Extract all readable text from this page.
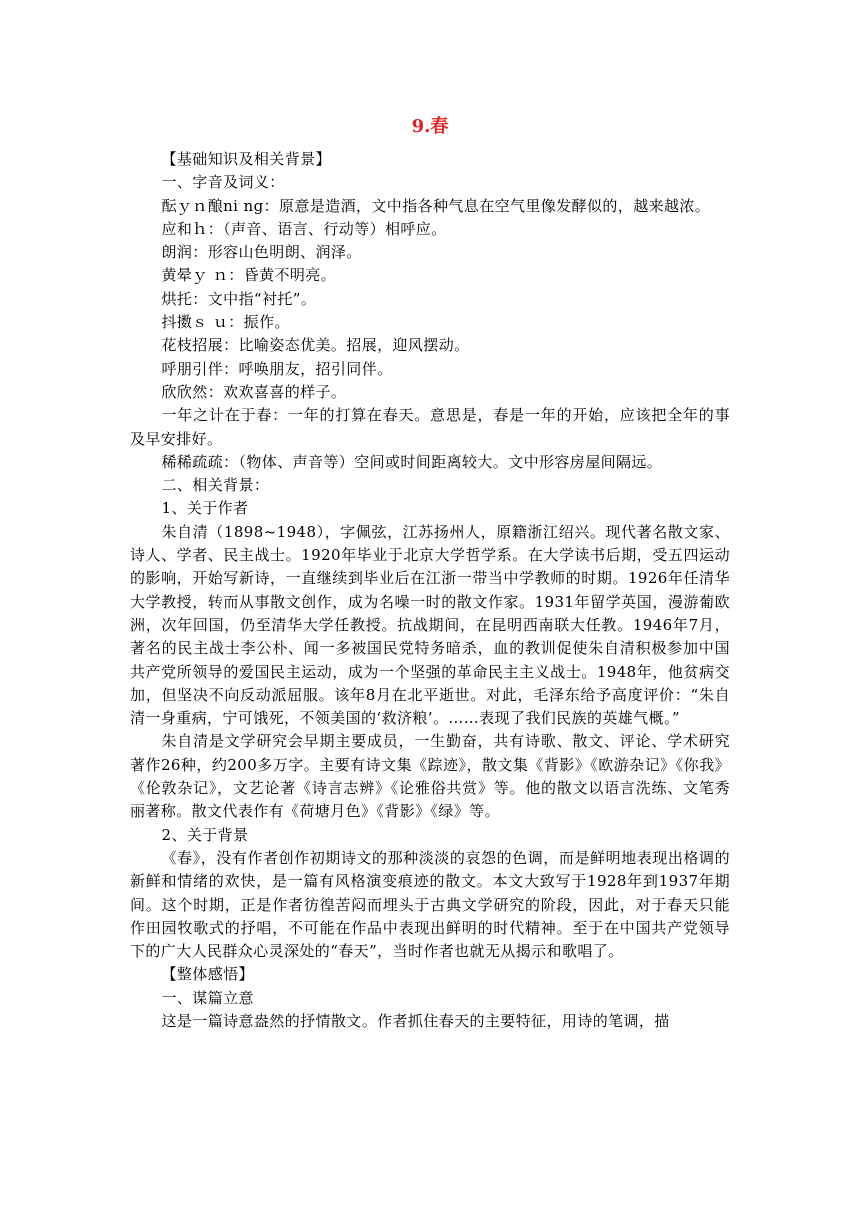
9.春

【基础知识及相关背景】

一、字音及词义：

酝ｙｎ酿ni ng：原意是造酒，文中指各种气息在空气里像发酵似的，越来越浓。

应和ｈ：（声音、语言、行动等）相呼应。

朗润：形容山色明朗、润泽。

黄晕ｙ ｎ：昏黄不明亮。

烘托：文中指“衬托”。

抖擞ｓ ｕ：振作。

花枝招展：比喻姿态优美。招展，迎风摆动。

呼朋引伴：呼唤朋友，招引同伴。

欣欣然：欢欢喜喜的样子。

一年之计在于春：一年的打算在春天。意思是，春是一年的开始，应该把全年的事及早安排好。

稀稀疏疏：（物体、声音等）空间或时间距离较大。文中形容房屋间隔远。

二、相关背景：

1、关于作者

朱自清（1898~1948），字佩弦，江苏扬州人，原籍浙江绍兴。现代著名散文家、诗人、学者、民主战士。1920年毕业于北京大学哲学系。在大学读书后期，受五四运动的影响，开始写新诗，一直继续到毕业后在江浙一带当中学教师的时期。1926年任清华大学教授，转而从事散文创作，成为名噪一时的散文作家。1931年留学英国，漫游葡欧洲，次年回国，仍至清华大学任教授。抗战期间，在昆明西南联大任教。1946年7月，著名的民主战士李公朴、闻一多被国民党特务暗杀，血的教训促使朱自清积极参加中国共产党所领导的爱国民主运动，成为一个坚强的革命民主主义战士。1948年，他贫病交加，但坚决不向反动派屈服。该年8月在北平逝世。对此，毛泽东给予高度评价：“朱自清一身重病，宁可饿死，不领美国的‘救济粮’。……表现了我们民族的英雄气概。”

朱自清是文学研究会早期主要成员，一生勤奋，共有诗歌、散文、评论、学术研究著作26种，约200多万字。主要有诗文集《踪迹》，散文集《背影》《欧游杂记》《你我》《伦敦杂记》，文艺论著《诗言志辨》《论雅俗共赏》等。他的散文以语言洗练、文笔秀丽著称。散文代表作有《荷塘月色》《背影》《绿》等。

2、关于背景

《春》，没有作者创作初期诗文的那种淡淡的哀怨的色调，而是鲜明地表现出格调的新鲜和情绪的欢快，是一篇有风格演变痕迹的散文。本文大致写于1928年到1937年期间。这个时期，正是作者彷徨苦闷而埋头于古典文学研究的阶段，因此，对于春天只能作田园牧歌式的抒唱，不可能在作品中表现出鲜明的时代精神。至于在中国共产党领导下的广大人民群众心灵深处的“春天”，当时作者也就无从揭示和歌唱了。

【整体感悟】

一、谋篇立意

这是一篇诗意盎然的抒情散文。作者抓住春天的主要特征，用诗的笔调，描
